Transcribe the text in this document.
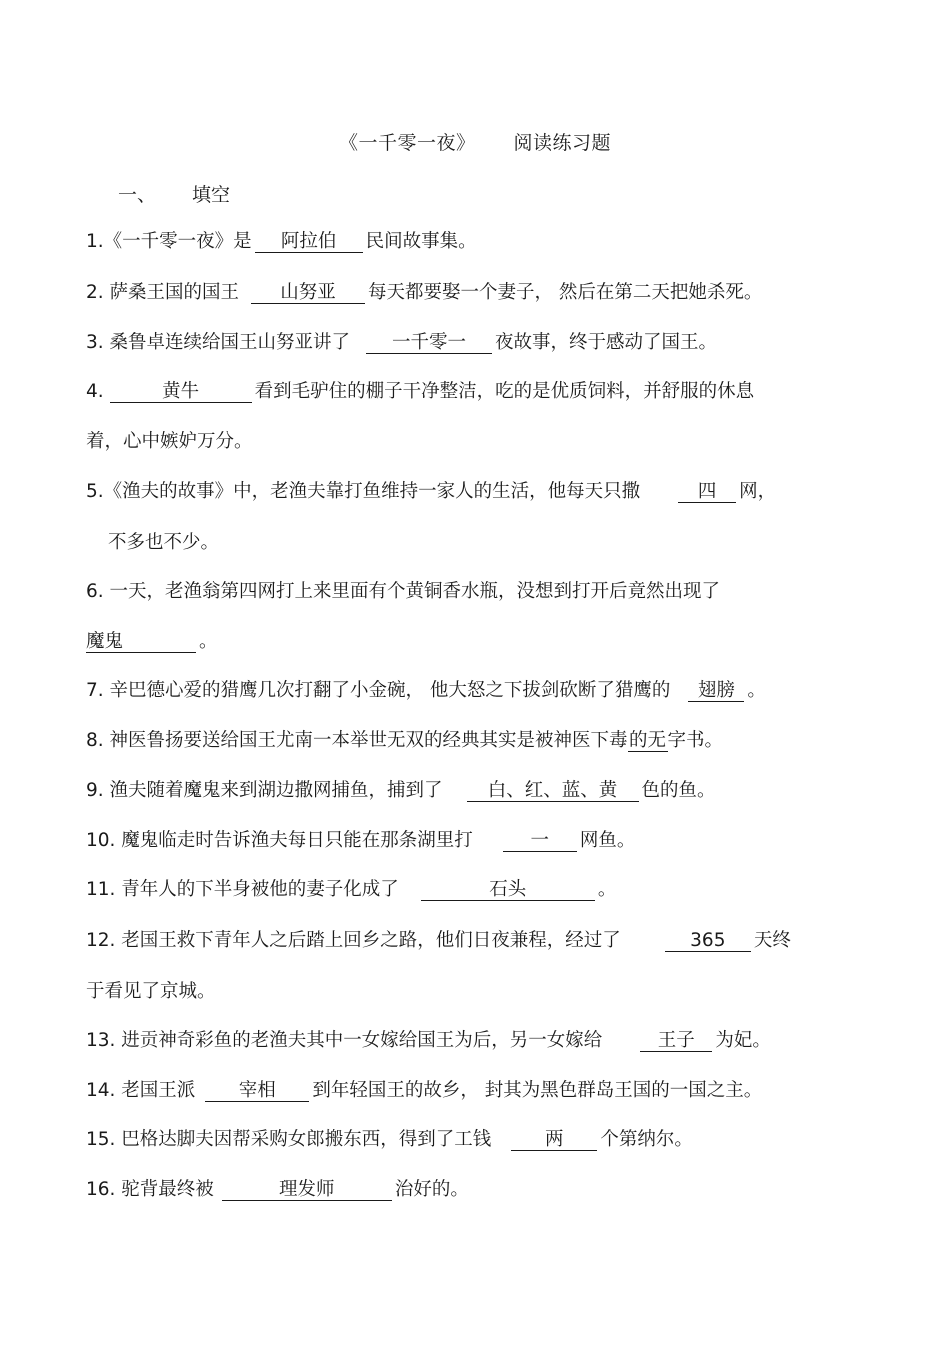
《一千零一夜》 阅读练习题
一、 填空
1.《一千零一夜》是 阿拉伯 民间故事集。
2. 萨桑王国的国王 山努亚 每天都要娶一个妻子， 然后在第二天把她杀死。
3. 桑鲁卓连续给国王山努亚讲了 一千零一 夜故事，终于感动了国王。
4.	黄牛	看到毛驴住的棚子干净整洁，吃的是优质饲料，并舒服的休息
着，心中嫉妒万分。
5.《渔夫的故事》中，老渔夫靠打鱼维持一家人的生活，他每天只撒	四 网，
不多也不少。
6. 一天，老渔翁第四网打上来里面有个黄铜香水瓶，没想到打开后竟然出现了
魔鬼	。
7. 辛巴德心爱的猎鹰几次打翻了小金碗， 他大怒之下拔剑砍断了猎鹰的 翅膀 。
8. 神医鲁扬要送给国王尤南一本举世无双的经典其实是被神医下毒的无字书。
9. 渔夫随着魔鬼来到湖边撒网捕鱼，捕到了 白、红、蓝、黄 色的鱼。
10. 魔鬼临走时告诉渔夫每日只能在那条湖里打	一 网鱼。
11. 青年人的下半身被他的妻子化成了	石头	。
12. 老国王救下青年人之后踏上回乡之路，他们日夜兼程，经过了	365 天终
于看见了京城。
13. 进贡神奇彩鱼的老渔夫其中一女嫁给国王为后，另一女嫁给	王子 为妃。
14. 老国王派 宰相 到年轻国王的故乡， 封其为黑色群岛王国的一国之主。
15. 巴格达脚夫因帮采购女郎搬东西，得到了工钱	两 个第纳尔。
16. 驼背最终被	理发师	治好的。
